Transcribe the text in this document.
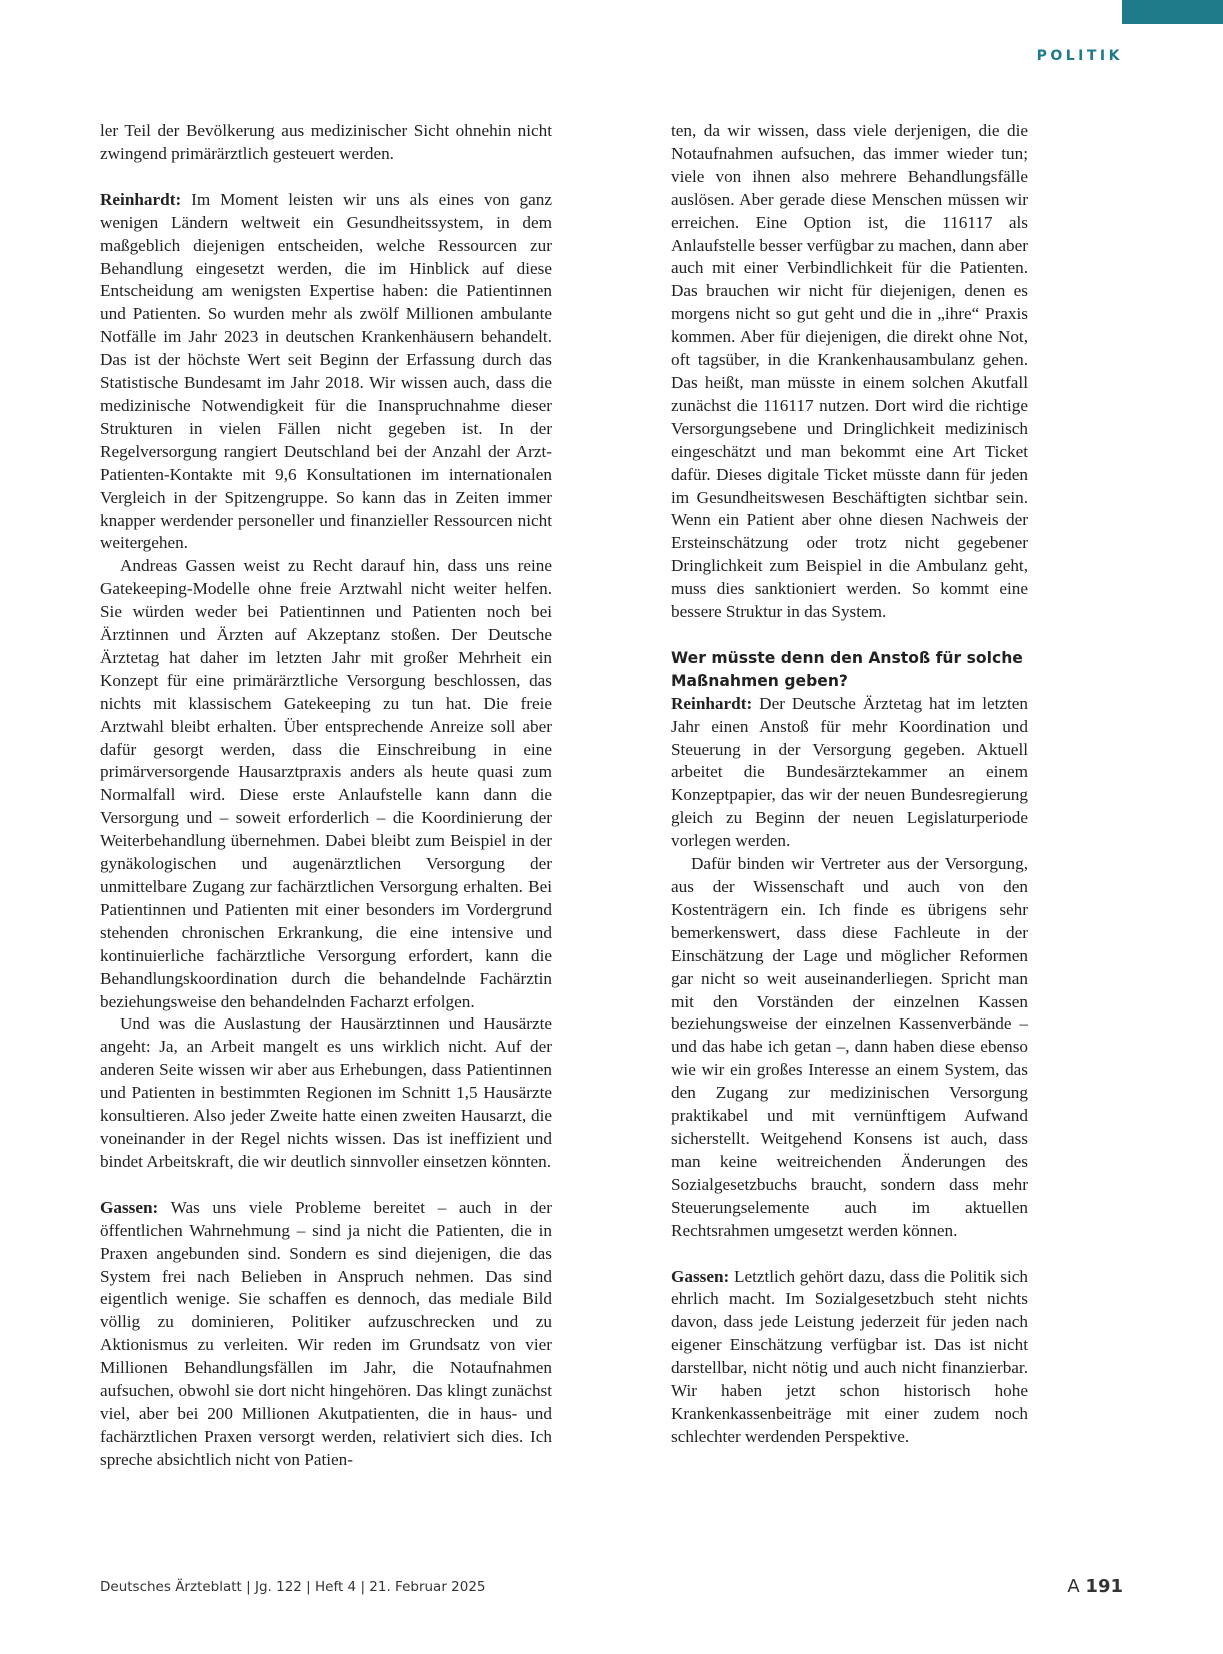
POLITIK

ler Teil der Bevölkerung aus medizinischer Sicht ohnehin nicht zwingend primärärztlich gesteuert werden.

Reinhardt: Im Moment leisten wir uns als eines von ganz wenigen Ländern weltweit ein Gesundheitssystem, in dem maßgeblich diejenigen entscheiden, welche Ressourcen zur Behandlung eingesetzt werden, die im Hinblick auf diese Entscheidung am wenigsten Expertise haben: die Patientinnen und Patienten. So wurden mehr als zwölf Millionen ambulante Notfälle im Jahr 2023 in deutschen Krankenhäusern behandelt. Das ist der höchste Wert seit Beginn der Erfassung durch das Statistische Bundesamt im Jahr 2018. Wir wissen auch, dass die medizinische Notwendigkeit für die Inanspruchnahme dieser Strukturen in vielen Fällen nicht gegeben ist. In der Regelversorgung rangiert Deutschland bei der Anzahl der Arzt-Patienten-Kontakte mit 9,6 Konsultationen im internationalen Vergleich in der Spitzengruppe. So kann das in Zeiten immer knapper werdender personeller und finanzieller Ressourcen nicht weitergehen.

Andreas Gassen weist zu Recht darauf hin, dass uns reine Gatekeeping-Modelle ohne freie Arztwahl nicht weiter helfen. Sie würden weder bei Patientinnen und Patienten noch bei Ärztinnen und Ärzten auf Akzeptanz stoßen. Der Deutsche Ärztetag hat daher im letzten Jahr mit großer Mehrheit ein Konzept für eine primärärztliche Versorgung beschlossen, das nichts mit klassischem Gatekeeping zu tun hat. Die freie Arztwahl bleibt erhalten. Über entsprechende Anreize soll aber dafür gesorgt werden, dass die Einschreibung in eine primärversorgende Hausarztpraxis anders als heute quasi zum Normalfall wird. Diese erste Anlaufstelle kann dann die Versorgung und – soweit erforderlich – die Koordinierung der Weiterbehandlung übernehmen. Dabei bleibt zum Beispiel in der gynäkologischen und augenärztlichen Versorgung der unmittelbare Zugang zur fachärztlichen Versorgung erhalten. Bei Patientinnen und Patienten mit einer besonders im Vordergrund stehenden chronischen Erkrankung, die eine intensive und kontinuierliche fachärztliche Versorgung erfordert, kann die Behandlungskoordination durch die behandelnde Fachärztin beziehungsweise den behandelnden Facharzt erfolgen.

Und was die Auslastung der Hausärztinnen und Hausärzte angeht: Ja, an Arbeit mangelt es uns wirklich nicht. Auf der anderen Seite wissen wir aber aus Erhebungen, dass Patientinnen und Patienten in bestimmten Regionen im Schnitt 1,5 Hausärzte konsultieren. Also jeder Zweite hatte einen zweiten Hausarzt, die voneinander in der Regel nichts wissen. Das ist ineffizient und bindet Arbeitskraft, die wir deutlich sinnvoller einsetzen könnten.

Gassen: Was uns viele Probleme bereitet – auch in der öffentlichen Wahrnehmung – sind ja nicht die Patienten, die in Praxen angebunden sind. Sondern es sind diejenigen, die das System frei nach Belieben in Anspruch nehmen. Das sind eigentlich wenige. Sie schaffen es dennoch, das mediale Bild völlig zu dominieren, Politiker aufzuschrecken und zu Aktionismus zu verleiten. Wir reden im Grundsatz von vier Millionen Behandlungsfällen im Jahr, die Notaufnahmen aufsuchen, obwohl sie dort nicht hingehören. Das klingt zunächst viel, aber bei 200 Millionen Akutpatienten, die in haus- und fachärztlichen Praxen versorgt werden, relativiert sich dies. Ich spreche absichtlich nicht von Patien-

ten, da wir wissen, dass viele derjenigen, die die Notaufnahmen aufsuchen, das immer wieder tun; viele von ihnen also mehrere Behandlungsfälle auslösen. Aber gerade diese Menschen müssen wir erreichen. Eine Option ist, die 116117 als Anlaufstelle besser verfügbar zu machen, dann aber auch mit einer Verbindlichkeit für die Patienten. Das brauchen wir nicht für diejenigen, denen es morgens nicht so gut geht und die in „ihre“ Praxis kommen. Aber für diejenigen, die direkt ohne Not, oft tagsüber, in die Krankenhausambulanz gehen. Das heißt, man müsste in einem solchen Akutfall zunächst die 116117 nutzen. Dort wird die richtige Versorgungsebene und Dringlichkeit medizinisch eingeschätzt und man bekommt eine Art Ticket dafür. Dieses digitale Ticket müsste dann für jeden im Gesundheitswesen Beschäftigten sichtbar sein. Wenn ein Patient aber ohne diesen Nachweis der Ersteinschätzung oder trotz nicht gegebener Dringlichkeit zum Beispiel in die Ambulanz geht, muss dies sanktioniert werden. So kommt eine bessere Struktur in das System.

Wer müsste denn den Anstoß für solche Maßnahmen geben?

Reinhardt: Der Deutsche Ärztetag hat im letzten Jahr einen Anstoß für mehr Koordination und Steuerung in der Versorgung gegeben. Aktuell arbeitet die Bundesärztekammer an einem Konzeptpapier, das wir der neuen Bundesregierung gleich zu Beginn der neuen Legislaturperiode vorlegen werden.

Dafür binden wir Vertreter aus der Versorgung, aus der Wissenschaft und auch von den Kostenträgern ein. Ich finde es übrigens sehr bemerkenswert, dass diese Fachleute in der Einschätzung der Lage und möglicher Reformen gar nicht so weit auseinanderliegen. Spricht man mit den Vorständen der einzelnen Kassen beziehungsweise der einzelnen Kassenverbände – und das habe ich getan –, dann haben diese ebenso wie wir ein großes Interesse an einem System, das den Zugang zur medizinischen Versorgung praktikabel und mit vernünftigem Aufwand sicherstellt. Weitgehend Konsens ist auch, dass man keine weitreichenden Änderungen des Sozialgesetzbuchs braucht, sondern dass mehr Steuerungselemente auch im aktuellen Rechtsrahmen umgesetzt werden können.

Gassen: Letztlich gehört dazu, dass die Politik sich ehrlich macht. Im Sozialgesetzbuch steht nichts davon, dass jede Leistung jederzeit für jeden nach eigener Einschätzung verfügbar ist. Das ist nicht darstellbar, nicht nötig und auch nicht finanzierbar. Wir haben jetzt schon historisch hohe Krankenkassenbeiträge mit einer zudem noch schlechter werdenden Perspektive.

Deutsches Ärzteblatt | Jg. 122 | Heft 4 | 21. Februar 2025	A 191
